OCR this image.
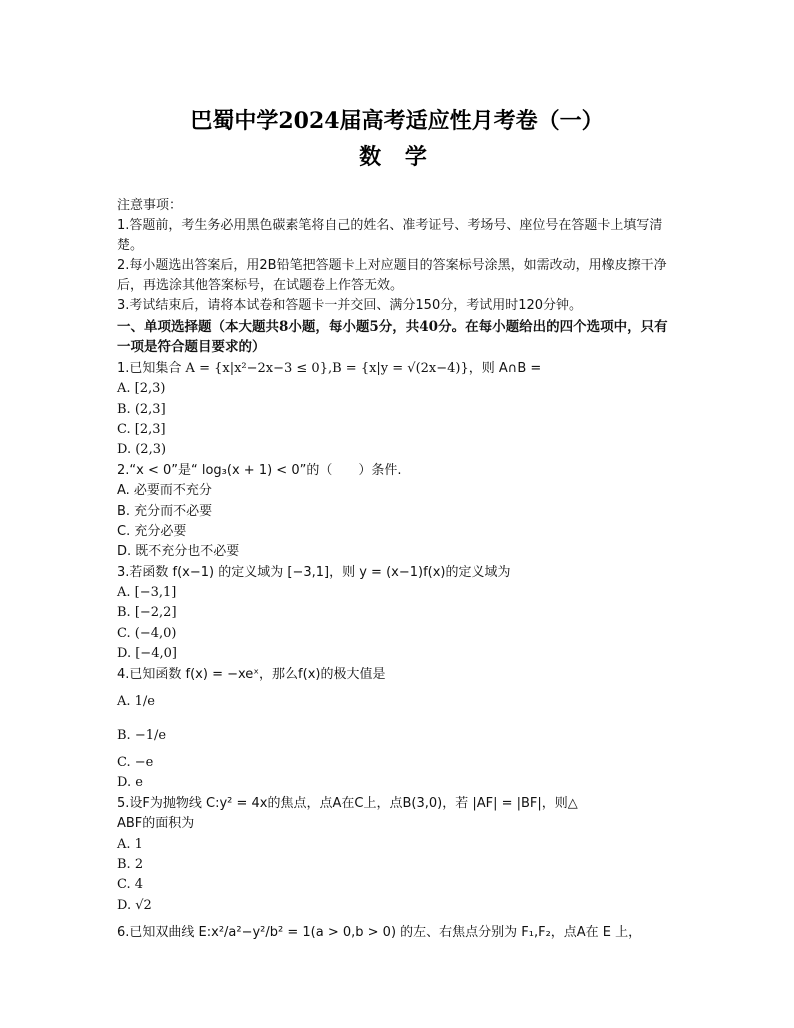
巴蜀中学2024届高考适应性月考卷（一）
数 学
注意事项：
1.答题前，考生务必用黑色碳素笔将自己的姓名、准考证号、考场号、座位号在答题卡上填写清楚。
2.每小题选出答案后，用2B铅笔把答题卡上对应题目的答案标号涂黑，如需改动，用橡皮擦干净后，再选涂其他答案标号，在试题卷上作答无效。
3.考试结束后，请将本试卷和答题卡一并交回、满分150分，考试用时120分钟。
一、单项选择题（本大题共8小题，每小题5分，共40分。在每小题给出的四个选项中，只有一项是符合题目要求的）
1.已知集合 A = {x|x²−2x−3 ≤ 0},B = {x|y = √(2x−4)}，则 A∩B =
A. [2,3)
B. (2,3]
C. [2,3]
D. (2,3)
2.“x < 0”是“ log₃(x + 1) < 0”的（　　）条件.
A. 必要而不充分
B. 充分而不必要
C. 充分必要
D. 既不充分也不必要
3.若函数 f(x−1) 的定义域为 [−3,1]，则 y = (x−1)f(x)的定义域为
A. [−3,1]
B. [−2,2]
C. (−4,0)
D. [−4,0]
4.已知函数 f(x) = −xeˣ，那么f(x)的极大值是
A. 1/e
B. −1/e
C. −e
D. e
5.设F为抛物线 C:y² = 4x的焦点，点A在C上，点B(3,0)，若 |AF| = |BF|，则△
ABF的面积为
A. 1
B. 2
C. 4
D. √2
6.已知双曲线 E:x²/a²−y²/b² = 1(a > 0,b > 0) 的左、右焦点分别为 F₁,F₂，点A在 E 上，
